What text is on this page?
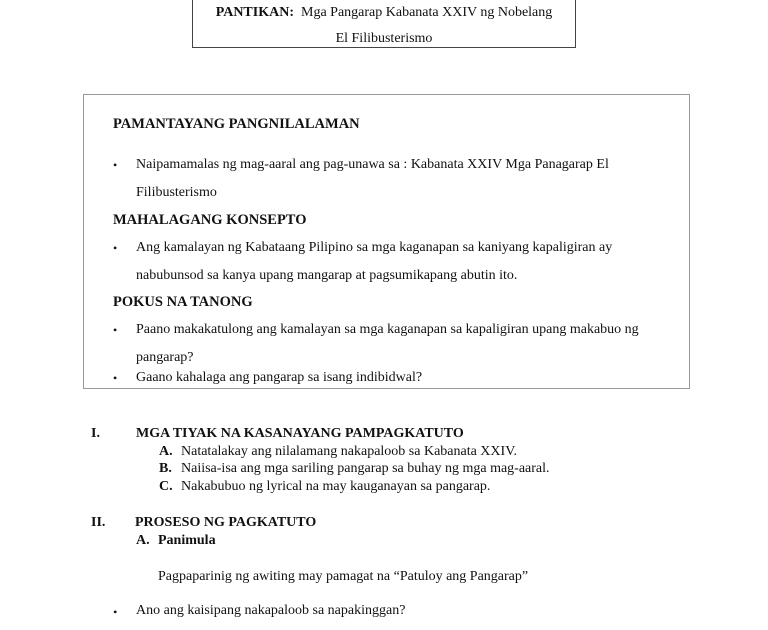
PANTIKAN: Mga Pangarap Kabanata XXIV ng Nobelang
El Filibusterismo
PAMANTAYANG PANGNILALAMAN
• Naipamamalas ng mag-aaral ang pag-unawa sa : Kabanata XXIV Mga Panagarap El
Filibusterismo
MAHALAGANG KONSEPTO
• Ang kamalayan ng Kabataang Pilipino sa mga kaganapan sa kaniyang kapaligiran ay
nabubunsod sa kanya upang mangarap at pagsumikapang abutin ito.
POKUS NA TANONG
• Paano makakatulong ang kamalayan sa mga kaganapan sa kapaligiran upang makabuo ng
pangarap?
• Gaano kahalaga ang pangarap sa isang indibidwal?
I.	MGA TIYAK NA KASANAYANG PAMPAGKATUTO
A. Natatalakay ang nilalamang nakapaloob sa Kabanata XXIV.
B. Naiisa-isa ang mga sariling pangarap sa buhay ng mga mag-aaral.
C. Nakabubuo ng lyrical na may kauganayan sa pangarap.
II. PROSESO NG PAGKATUTO
A. Panimula
Pagpaparinig ng awiting may pamagat na “Patuloy ang Pangarap”
• Ano ang kaisipang nakapaloob sa napakinggan?
